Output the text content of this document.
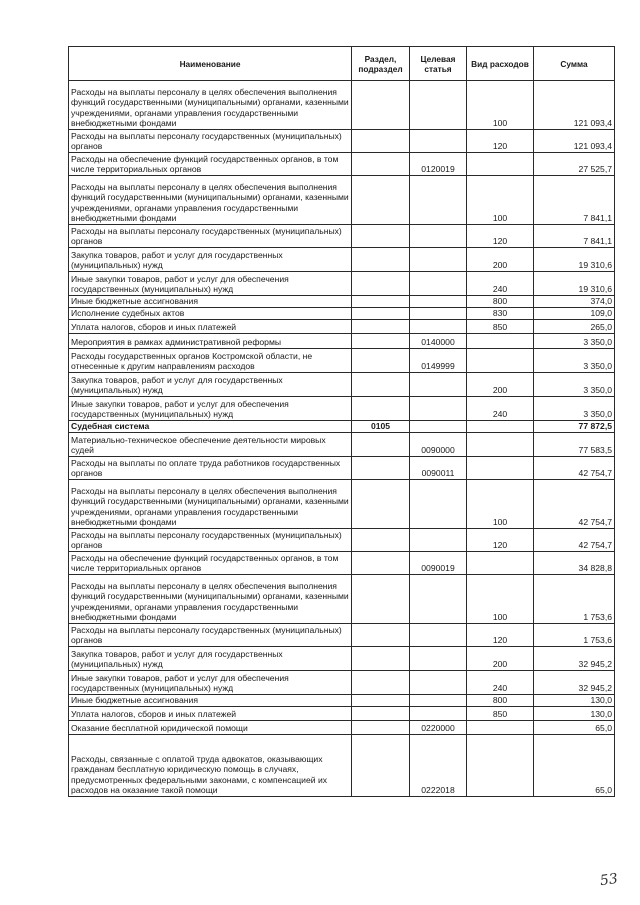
Наименование	Раздел, подраздел	Целевая статья	Вид расходов	Сумма
Расходы на выплаты персоналу в целях обеспечения выполнения функций государственными (муниципальными) органами, казенными учреждениями, органами управления государственными внебюджетными фондами			100	121 093,4
Расходы на выплаты персоналу государственных (муниципальных) органов			120	121 093,4
Расходы на обеспечение функций государственных органов, в том числе территориальных органов		0120019		27 525,7
Расходы на выплаты персоналу в целях обеспечения выполнения функций государственными (муниципальными) органами, казенными учреждениями, органами управления государственными внебюджетными фондами			100	7 841,1
Расходы на выплаты персоналу государственных (муниципальных) органов			120	7 841,1
Закупка товаров, работ и услуг для государственных (муниципальных) нужд			200	19 310,6
Иные закупки товаров, работ и услуг для обеспечения государственных (муниципальных) нужд			240	19 310,6
Иные бюджетные ассигнования			800	374,0
Исполнение судебных актов			830	109,0
Уплата налогов, сборов и иных платежей			850	265,0
Мероприятия в рамках административной реформы		0140000		3 350,0
Расходы государственных органов Костромской области, не отнесенные к другим направлениям расходов		0149999		3 350,0
Закупка товаров, работ и услуг для государственных (муниципальных) нужд			200	3 350,0
Иные закупки товаров, работ и услуг для обеспечения государственных (муниципальных) нужд			240	3 350,0
Судебная система	0105			77 872,5
Материально-техническое обеспечение деятельности мировых судей		0090000		77 583,5
Расходы на выплаты по оплате труда работников государственных органов		0090011		42 754,7
Расходы на выплаты персоналу в целях обеспечения выполнения функций государственными (муниципальными) органами, казенными учреждениями, органами управления государственными внебюджетными фондами			100	42 754,7
Расходы на выплаты персоналу государственных (муниципальных) органов			120	42 754,7
Расходы на обеспечение функций государственных органов, в том числе территориальных органов		0090019		34 828,8
Расходы на выплаты персоналу в целях обеспечения выполнения функций государственными (муниципальными) органами, казенными учреждениями, органами управления государственными внебюджетными фондами			100	1 753,6
Расходы на выплаты персоналу государственных (муниципальных) органов			120	1 753,6
Закупка товаров, работ и услуг для государственных (муниципальных) нужд			200	32 945,2
Иные закупки товаров, работ и услуг для обеспечения государственных (муниципальных) нужд			240	32 945,2
Иные бюджетные ассигнования			800	130,0
Уплата налогов, сборов и иных платежей			850	130,0
Оказание бесплатной юридической помощи		0220000		65,0
Расходы, связанные с оплатой труда адвокатов, оказывающих гражданам бесплатную юридическую помощь в случаях, предусмотренных федеральными законами, с компенсацией их расходов на оказание такой помощи		0222018		65,0
53
